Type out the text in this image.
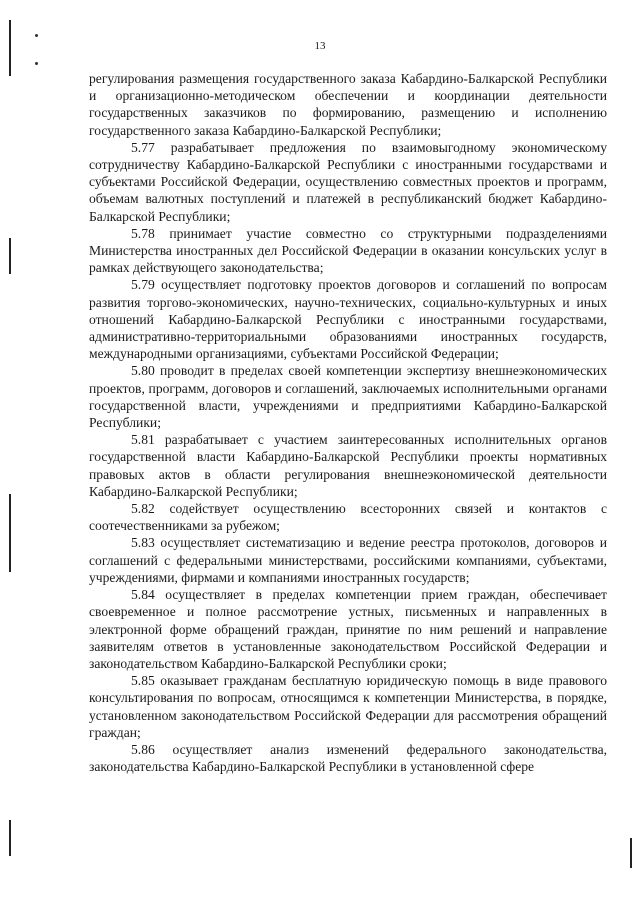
13

регулирования размещения государственного заказа Кабардино-Балкарской Республики и организационно-методическом обеспечении и координации деятельности государственных заказчиков по формированию, размещению и исполнению государственного заказа Кабардино-Балкарской Республики;

5.77 разрабатывает предложения по взаимовыгодному экономическому сотрудничеству Кабардино-Балкарской Республики с иностранными государствами и субъектами Российской Федерации, осуществлению совместных проектов и программ, объемам валютных поступлений и платежей в республиканский бюджет Кабардино-Балкарской Республики;

5.78 принимает участие совместно со структурными подразделениями Министерства иностранных дел Российской Федерации в оказании консульских услуг в рамках действующего законодательства;

5.79 осуществляет подготовку проектов договоров и соглашений по вопросам развития торгово-экономических, научно-технических, социально-культурных и иных отношений Кабардино-Балкарской Республики с иностранными государствами, административно-территориальными образованиями иностранных государств, международными организациями, субъектами Российской Федерации;

5.80 проводит в пределах своей компетенции экспертизу внешнеэкономических проектов, программ, договоров и соглашений, заключаемых исполнительными органами государственной власти, учреждениями и предприятиями Кабардино-Балкарской Республики;

5.81 разрабатывает с участием заинтересованных исполнительных органов государственной власти Кабардино-Балкарской Республики проекты нормативных правовых актов в области регулирования внешнеэкономической деятельности Кабардино-Балкарской Республики;

5.82 содействует осуществлению всесторонних связей и контактов с соотечественниками за рубежом;

5.83 осуществляет систематизацию и ведение реестра протоколов, договоров и соглашений с федеральными министерствами, российскими компаниями, субъектами, учреждениями, фирмами и компаниями иностранных государств;

5.84 осуществляет в пределах компетенции прием граждан, обеспечивает своевременное и полное рассмотрение устных, письменных и направленных в электронной форме обращений граждан, принятие по ним решений и направление заявителям ответов в установленные законодательством Российской Федерации и законодательством Кабардино-Балкарской Республики сроки;

5.85 оказывает гражданам бесплатную юридическую помощь в виде правового консультирования по вопросам, относящимся к компетенции Министерства, в порядке, установленном законодательством Российской Федерации для рассмотрения обращений граждан;

5.86 осуществляет анализ изменений федерального законодательства, законодательства Кабардино-Балкарской Республики в установленной сфере
